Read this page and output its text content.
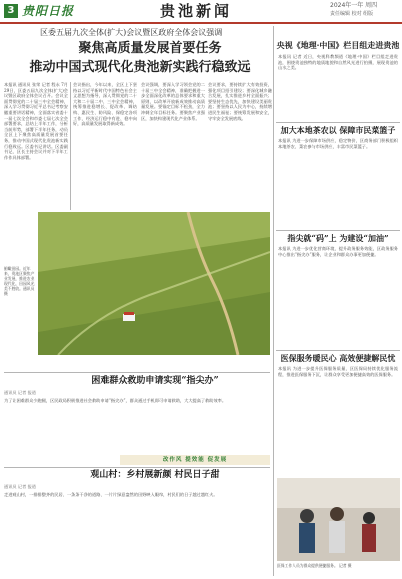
3 贵阳日报	贵池新闻	2024年一年 周四
责任编辑 校对 组版
区委五届九次全体(扩大)会议暨区政府全体会议强调
聚焦高质量发展首要任务
推动中国式现代化贵池新实践行稳致远
本报讯 通讯员 张荣 记者 程永 7月29日，区委五届九次全体(扩大)会议暨区政府全体会议召开。会议全面贯彻党的二十届三中全会精神，深入学习贯彻习近平总书记考察安徽重要讲话精神，全面落实省委十一届七次全会和市委七届七次全会部署要求，总结上半年工作，分析当前形势，部署下半年任务，动员全区上下聚焦高质量发展首要任务，推动中国式现代化贵池新实践行稳致远。区委书记讲话。区委副书记、区长主持会议并对下半年工作作具体部署。
会议指出，今年以来，全区上下坚持以习近平新时代中国特色社会主义思想为指导，深入贯彻党的二十大和二十届二中、三中全会精神，统筹推进稳增长、促改革、调结构、惠民生、防风险、保稳定各项工作，经济运行稳中有进、稳中向好，高质量发展取得新成效。
会议强调，要深入学习领会党的二十届三中全会精神，准确把握进一步全面深化改革的总体要求和重大原则，以改革开放新成效推动高质量发展。要锚定目标不松劲，全力冲刺全年目标任务。要聚焦产业强区，加快构建现代化产业体系。
会议要求，要持续扩大有效投资，强化项目招引建设；要深化城乡融合发展，扎实推进乡村全面振兴；要坚持生态优先，加快建设美丽贵池；要坚持以人民为中心，持续增进民生福祉；要统筹发展和安全，守牢安全发展底线。
俯瞰田园。近年来，贵池区聚焦产业发展，推进农业现代化，田园风光美不胜收。通讯员 摄
央视《地理·中国》栏目组走进贵池
本报讯 记者 近日，央视科教频道《地理·中国》栏目组走进贵池，围绕贵池独特的地质地貌和自然风光进行拍摄，展现贵池的山水之美。
加大本地茶农以 保障市民菜篮子
本报讯 为进一步保障市场供应，稳定物价，区商务部门积极组织本地茶农、菜农参与市场供应，丰富市民菜篮子。
指尖就“码”上 为建设“加油”
本报讯 为进一步优化营商环境，提升政务服务效能，区政务服务中心推出“指尖办”服务，让企业和群众办事更加便捷。
医保服务暖民心 高效便捷解民忧
本报讯 为进一步提升医保服务质量，区医保局持续优化服务流程，推进医保服务下沉，让群众享受更加便捷高效的医保服务。
困难群众救助申请实现“指尖办”
通讯员 记者 报道
为了让困难群众少跑腿，区民政局积极推进社会救助申请“指尖办”，群众通过手机即可申请救助，大大提高了救助效率。
改作风 提效能 促发展
观山村：乡村展新颜 村民日子甜
通讯员 记者 报道
走进观山村，一排排整齐的民居、一条条干净的道路、一片片绿意盎然的田野映入眼帘，村民们的日子越过越红火。
医保工作人员为群众提供便捷服务。 记者 摄
